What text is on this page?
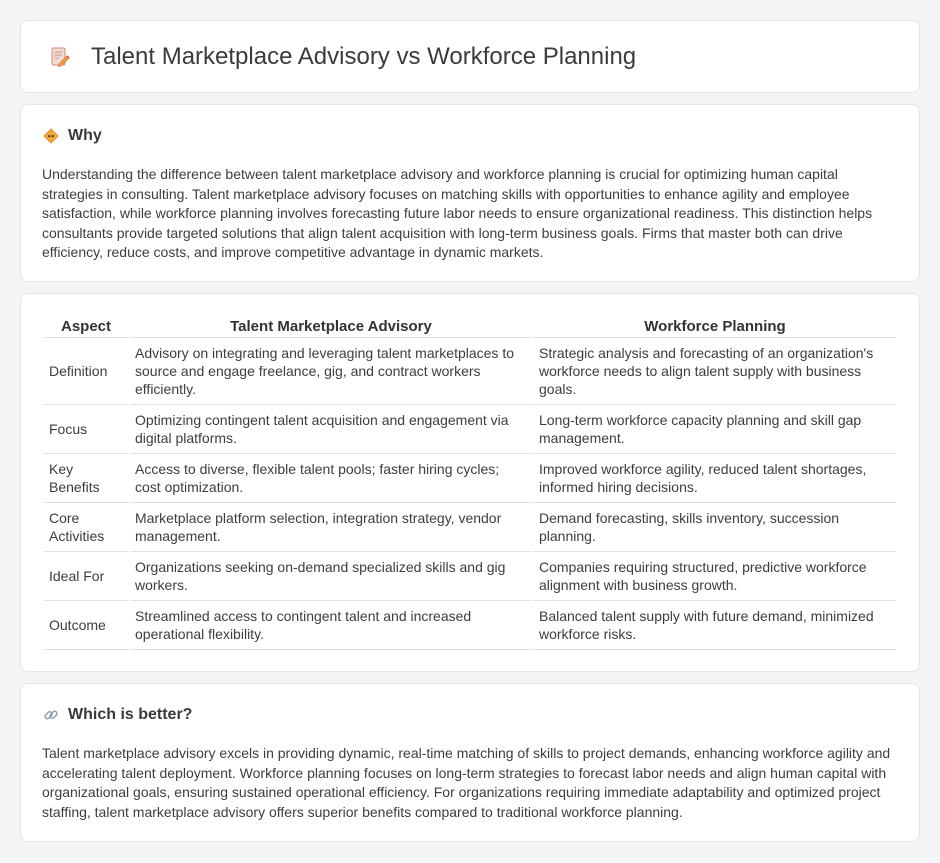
Talent Marketplace Advisory vs Workforce Planning
Why

Understanding the difference between talent marketplace advisory and workforce planning is crucial for optimizing human capital strategies in consulting. Talent marketplace advisory focuses on matching skills with opportunities to enhance agility and employee satisfaction, while workforce planning involves forecasting future labor needs to ensure organizational readiness. This distinction helps consultants provide targeted solutions that align talent acquisition with long-term business goals. Firms that master both can drive efficiency, reduce costs, and improve competitive advantage in dynamic markets.

Aspect	Talent Marketplace Advisory	Workforce Planning
Definition	Advisory on integrating and leveraging talent marketplaces to source and engage freelance, gig, and contract workers efficiently.	Strategic analysis and forecasting of an organization's workforce needs to align talent supply with business goals.
Focus	Optimizing contingent talent acquisition and engagement via digital platforms.	Long-term workforce capacity planning and skill gap management.
Key Benefits	Access to diverse, flexible talent pools; faster hiring cycles; cost optimization.	Improved workforce agility, reduced talent shortages, informed hiring decisions.
Core Activities	Marketplace platform selection, integration strategy, vendor management.	Demand forecasting, skills inventory, succession planning.
Ideal For	Organizations seeking on-demand specialized skills and gig workers.	Companies requiring structured, predictive workforce alignment with business growth.
Outcome	Streamlined access to contingent talent and increased operational flexibility.	Balanced talent supply with future demand, minimized workforce risks.
Which is better?

Talent marketplace advisory excels in providing dynamic, real-time matching of skills to project demands, enhancing workforce agility and accelerating talent deployment. Workforce planning focuses on long-term strategies to forecast labor needs and align human capital with organizational goals, ensuring sustained operational efficiency. For organizations requiring immediate adaptability and optimized project staffing, talent marketplace advisory offers superior benefits compared to traditional workforce planning.
